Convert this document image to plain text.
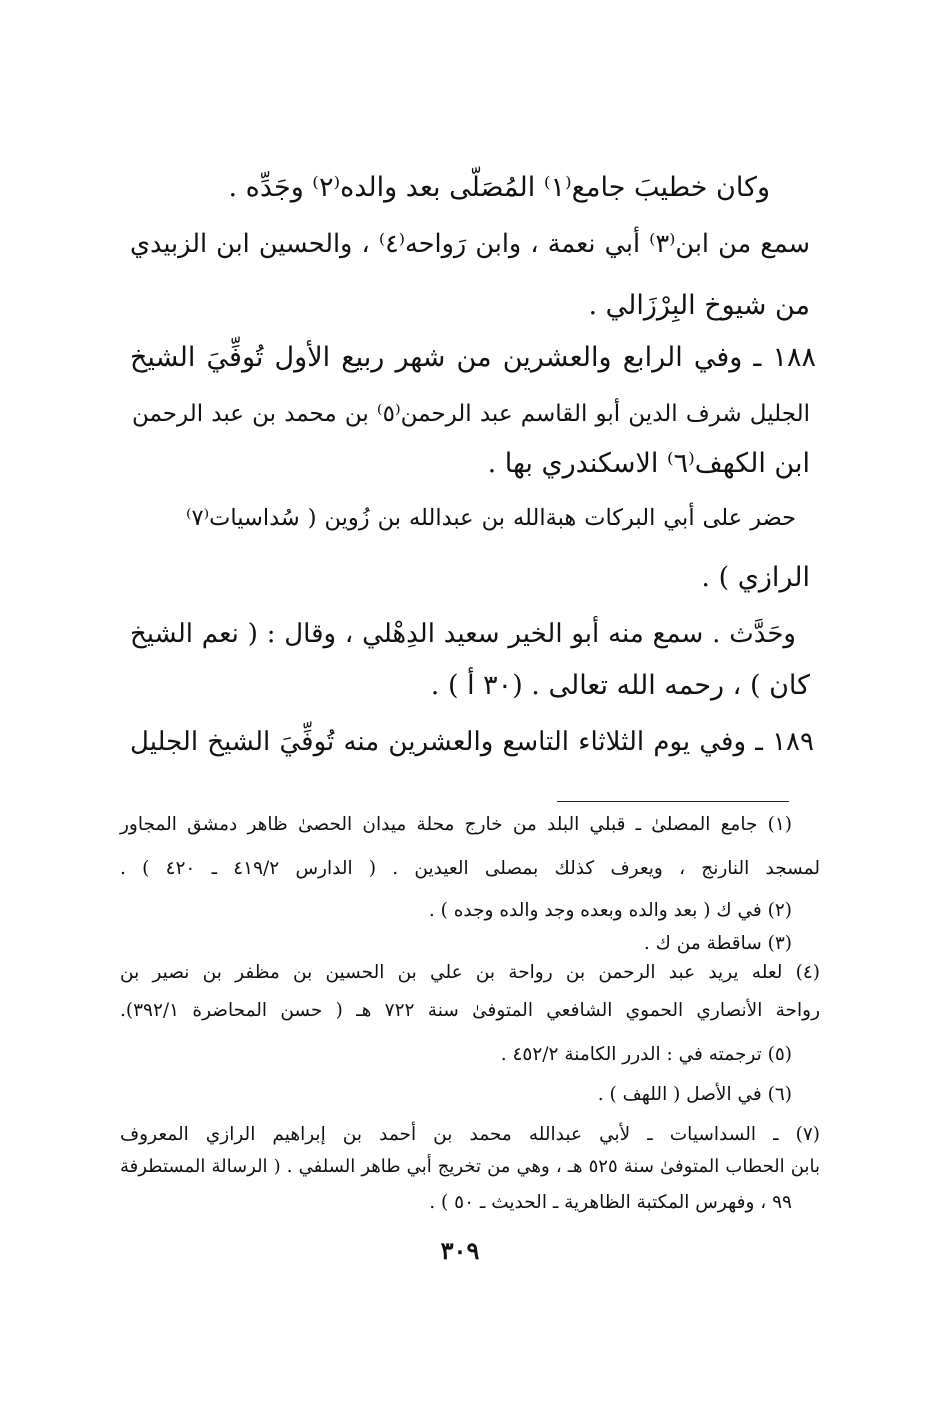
وكان خطيبَ جامع⁽١⁾ المُصَلّى بعد والده⁽٢⁾ وجَدِّه .
سمع من ابن⁽٣⁾ أبي نعمة ، وابن رَواحه⁽٤⁾ ، والحسين ابن الزبيدي
من شيوخ البِرْزَالي .
١٨٨ ـ وفي الرابع والعشرين من شهر ربيع الأول تُوفِّيَ الشيخ
الجليل شرف الدين أبو القاسم عبد الرحمن⁽٥⁾ بن محمد بن عبد الرحمن
ابن الكهف⁽٦⁾ الاسكندري بها .
حضر على أبي البركات هبةالله بن عبدالله بن زُوين ( سُداسيات⁽٧⁾
الرازي ) .
وحَدَّث . سمع منه أبو الخير سعيد الدِهْلي ، وقال : ( نعم الشيخ
كان ) ، رحمه الله تعالى . (٣٠ أ ) .
١٨٩ ـ وفي يوم الثلاثاء التاسع والعشرين منه تُوفِّيَ الشيخ الجليل
(١) جامع المصلىٰ ـ قبلي البلد من خارج محلة ميدان الحصىٰ ظاهر دمشق المجاور
لمسجد النارنج ، ويعرف كذلك بمصلى العيدين . ( الدارس ٤١٩/٢ ـ ٤٢٠ ) .
(٢) في ك ( بعد والده وبعده وجد والده وجده ) .
(٣) ساقطة من ك .
(٤) لعله يريد عبد الرحمن بن رواحة بن علي بن الحسين بن مظفر بن نصير بن
رواحة الأنصاري الحموي الشافعي المتوفىٰ سنة ٧٢٢ هـ ( حسن المحاضرة ٣٩٢/١).
(٥) ترجمته في : الدرر الكامنة ٤٥٢/٢ .
(٦) في الأصل ( اللهف ) .
(٧) ـ السداسيات ـ لأبي عبدالله محمد بن أحمد بن إبراهيم الرازي المعروف
بابن الحطاب المتوفىٰ سنة ٥٢٥ هـ ، وهي من تخريج أبي طاهر السلفي . ( الرسالة المستطرفة
٩٩ ، وفهرس المكتبة الظاهرية ـ الحديث ـ ٥٠ ) .
٣٠٩
